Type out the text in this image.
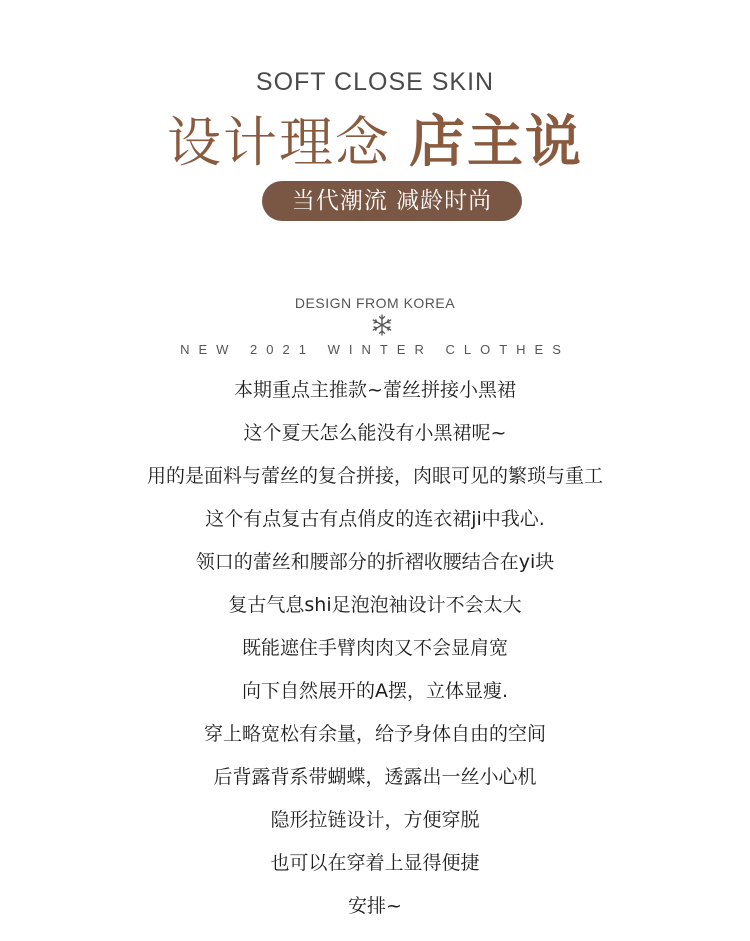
SOFT CLOSE SKIN
设计理念 店主说
当代潮流 减龄时尚
DESIGN FROM KOREA
NEW 2021 WINTER CLOTHES
本期重点主推款~蕾丝拼接小黑裙
这个夏天怎么能没有小黑裙呢~
用的是面料与蕾丝的复合拼接，肉眼可见的繁琐与重工
这个有点复古有点俏皮的连衣裙ji中我心.
领口的蕾丝和腰部分的折褶收腰结合在yi块
复古气息shi足泡泡袖设计不会太大
既能遮住手臂肉肉又不会显肩宽
向下自然展开的A摆，立体显瘦.
穿上略宽松有余量，给予身体自由的空间
后背露背系带蝴蝶，透露出一丝小心机
隐形拉链设计，方便穿脱
也可以在穿着上显得便捷
安排~
